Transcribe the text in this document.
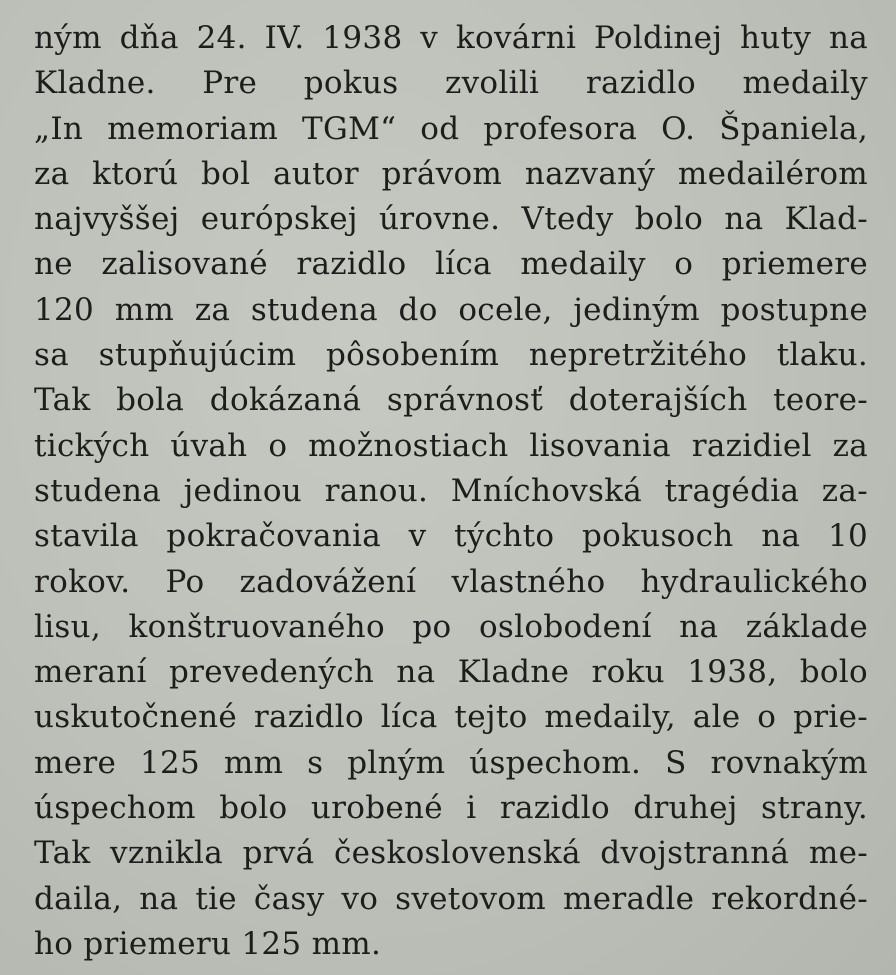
ným dňa 24. IV. 1938 v kovárni Poldinej huty na
Kladne. Pre pokus zvolili razidlo medaily
„In memoriam TGM“ od profesora O. Španiela,
za ktorú bol autor právom nazvaný medailérom
najvyššej európskej úrovne. Vtedy bolo na Klad-
ne zalisované razidlo líca medaily o priemere
120 mm za studena do ocele, jediným postupne
sa stupňujúcim pôsobením nepretržitého tlaku.
Tak bola dokázaná správnosť doterajších teore-
tických úvah o možnostiach lisovania razidiel za
studena jedinou ranou. Mníchovská tragédia za-
stavila pokračovania v týchto pokusoch na 10
rokov. Po zadovážení vlastného hydraulického
lisu, konštruovaného po oslobodení na základe
meraní prevedených na Kladne roku 1938, bolo
uskutočnené razidlo líca tejto medaily, ale o prie-
mere 125 mm s plným úspechom. S rovnakým
úspechom bolo urobené i razidlo druhej strany.
Tak vznikla prvá československá dvojstranná me-
daila, na tie časy vo svetovom meradle rekordné-
ho priemeru 125 mm.
